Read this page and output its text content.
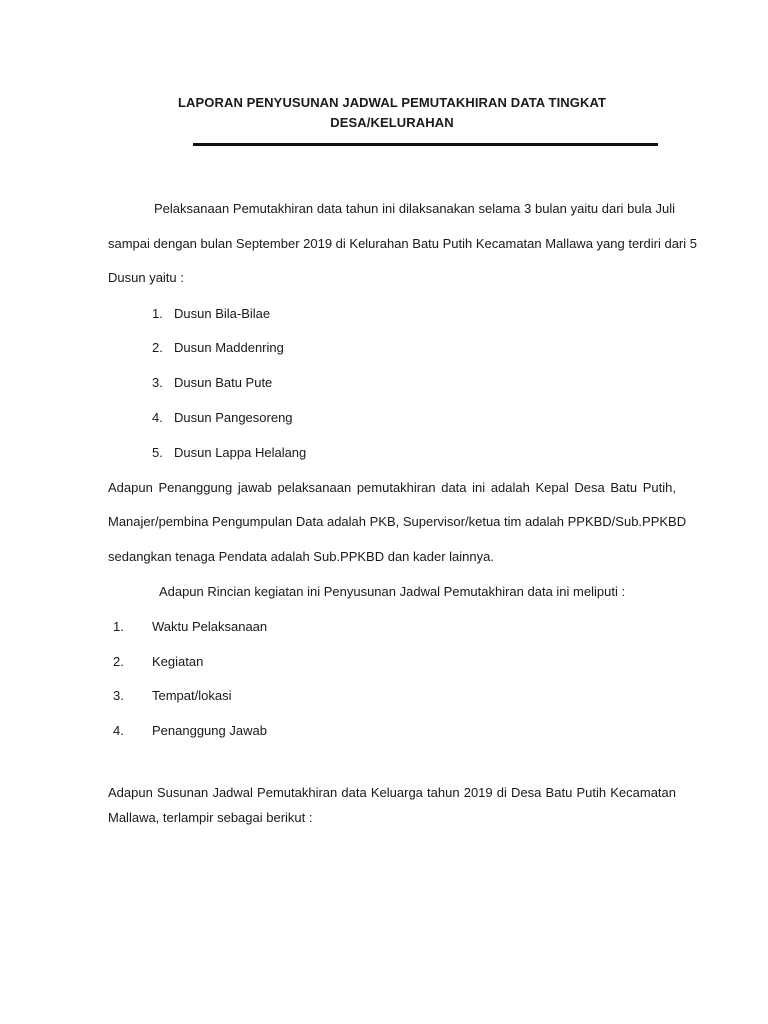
LAPORAN PENYUSUNAN JADWAL PEMUTAKHIRAN DATA TINGKAT
DESA/KELURAHAN
Pelaksanaan Pemutakhiran data tahun ini dilaksanakan selama 3 bulan yaitu dari bula Juli
sampai dengan bulan September 2019 di Kelurahan Batu Putih Kecamatan Mallawa yang terdiri dari 5
Dusun yaitu :
1. Dusun Bila-Bilae
2. Dusun Maddenring
3. Dusun Batu Pute
4. Dusun Pangesoreng
5. Dusun Lappa Helalang
Adapun Penanggung jawab pelaksanaan pemutakhiran data ini adalah Kepal Desa Batu Putih,
Manajer/pembina Pengumpulan Data adalah PKB, Supervisor/ketua tim adalah PPKBD/Sub.PPKBD
sedangkan tenaga Pendata adalah Sub.PPKBD dan kader lainnya.
Adapun Rincian kegiatan ini Penyusunan Jadwal Pemutakhiran data ini meliputi :
1. Waktu Pelaksanaan
2. Kegiatan
3. Tempat/lokasi
4. Penanggung Jawab
Adapun Susunan Jadwal Pemutakhiran data Keluarga tahun 2019 di Desa Batu Putih Kecamatan
Mallawa, terlampir sebagai berikut :
